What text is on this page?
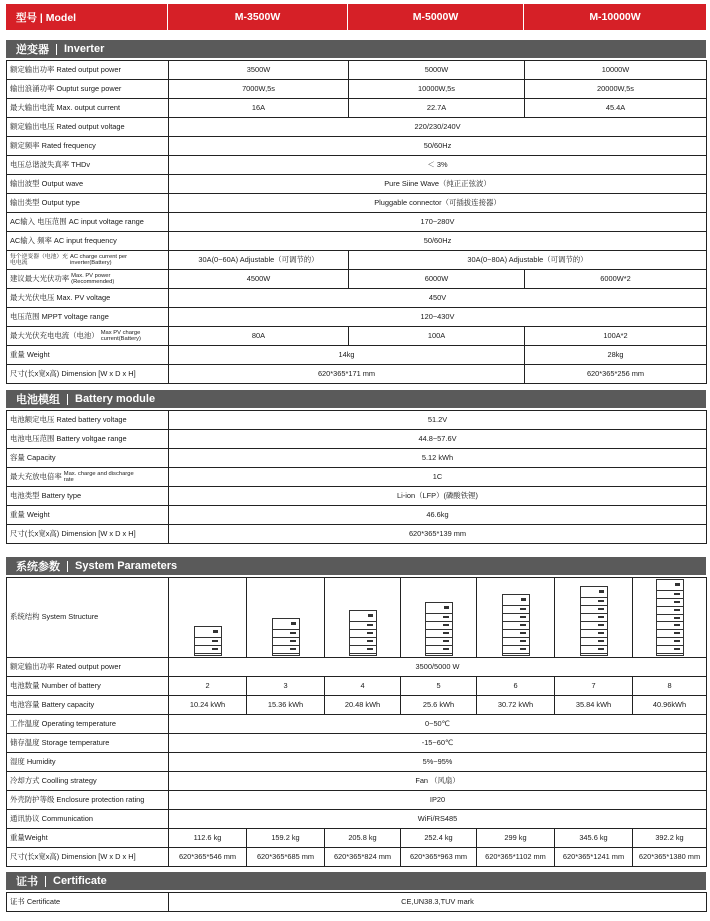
型号 | Model	M-3500W	M-5000W	M-10000W
逆变器 Inverter
额定输出功率 Rated output power	3500W	5000W	10000W
输出浪涌功率 Ouptut surge power	7000W,5s	10000W,5s	20000W,5s
最大输出电流 Max. output current	16A	22.7A	45.4A
额定输出电压 Rated output voltage	220/230/240V		
额定频率 Rated frequency	50/60Hz		
电压总谐波失真率 THDv	＜ 3%		
输出波型 Output wave	Pure Siine Wave（纯正正弦波）		
输出类型 Output type	Pluggable connector（可插拔连接器）		
AC输入 电压范围 AC input voltage range	170~280V		
AC输入 频率 AC input frequency	50/60Hz		

每个逆变器（电池）充电电流
AC charge current per inverter(Battery)	30A(0~60A) Adjustable（可调节的）	30A(0~80A) Adjustable（可调节的）	

建议最大光伏功率 Max. PV power (Recommended)	4500W	6000W	6000W*2
最大光伏电压 Max. PV voltage	450V		
电压范围 MPPT voltage range	120~430V		

最大光伏充电电流（电池） Max PV charge current(Battery)	80A	100A	100A*2
重量 Weight	14kg		28kg
尺寸(长x宽x高) Dimension [W x D x H]	620*365*171 mm		620*365*256 mm
电池模组 Battery module
电池额定电压 Rated battery voltage	51.2V
电池电压范围 Battery voltgae range	44.8~57.6V
容量 Capacity	5.12 kWh

最大充放电倍率 Max. charge and discharge rate	1C
电池类型 Battery type	Li-ion（LFP）(磷酸铁锂)
重量 Weight	46.6kg
尺寸(长x宽x高) Dimension [W x D x H]	620*365*139 mm
系统参数 System Parameters
系统结构 System Structure	

额定输出功率 Rated output power	3500/5000 W						
电池数量 Number of battery	2	3	4	5	6	7	8
电池容量 Battery capacity	10.24 kWh	15.36 kWh	20.48 kWh	25.6 kWh	30.72 kWh	35.84 kWh	40.96kWh
工作温度 Operating temperature	0~50℃						
储存温度 Storage temperature	-15~60℃						
湿度 Humidity	5%~95%						
冷却方式 Coolling strategy	Fan （风扇）						
外壳防护等级 Enclosure protection rating	IP20						
通讯协议 Communication	WiFi/RS485						
重量Weight	112.6 kg	159.2 kg	205.8 kg	252.4 kg	299 kg	345.6 kg	392.2 kg
尺寸(长x宽x高) Dimension [W x D x H]	620*365*546 mm	620*365*685 mm	620*365*824 mm	620*365*963 mm	620*365*1102 mm	620*365*1241 mm	620*365*1380 mm
证书 Certificate
证书 Certificate	CE,UN38.3,TUV mark
